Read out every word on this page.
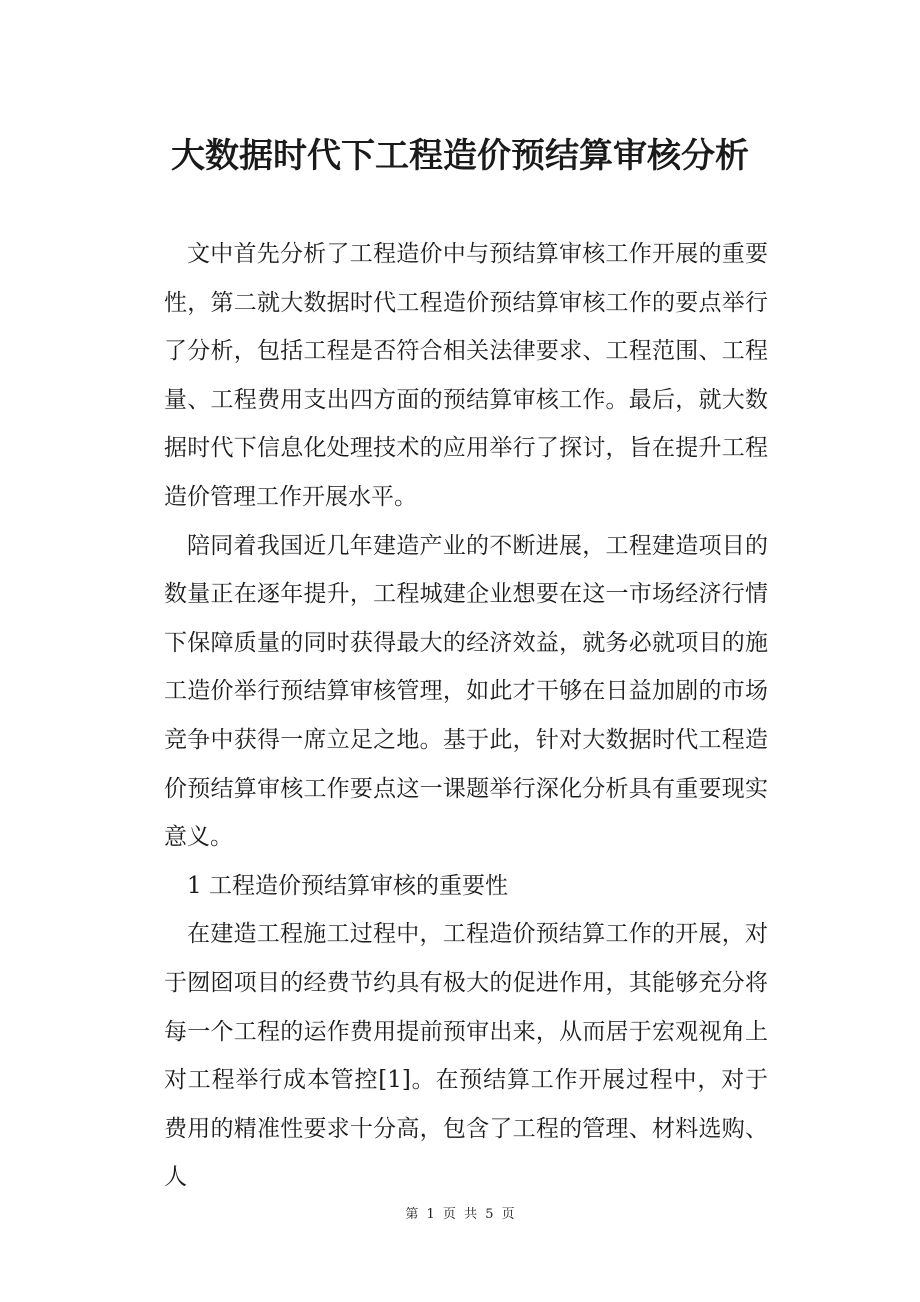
大数据时代下工程造价预结算审核分析

文中首先分析了工程造价中与预结算审核工作开展的重要性，第二就大数据时代工程造价预结算审核工作的要点举行了分析，包括工程是否符合相关法律要求、工程范围、工程量、工程费用支出四方面的预结算审核工作。最后，就大数据时代下信息化处理技术的应用举行了探讨，旨在提升工程造价管理工作开展水平。

陪同着我国近几年建造产业的不断进展，工程建造项目的数量正在逐年提升，工程城建企业想要在这一市场经济行情下保障质量的同时获得最大的经济效益，就务必就项目的施工造价举行预结算审核管理，如此才干够在日益加剧的市场竞争中获得一席立足之地。基于此，针对大数据时代工程造价预结算审核工作要点这一课题举行深化分析具有重要现实意义。

1 工程造价预结算审核的重要性

在建造工程施工过程中，工程造价预结算工作的开展，对于囫囵项目的经费节约具有极大的促进作用，其能够充分将每一个工程的运作费用提前预审出来，从而居于宏观视角上对工程举行成本管控[1]。在预结算工作开展过程中，对于费用的精准性要求十分高，包含了工程的管理、材料选购、人

第 1 页 共 5 页
